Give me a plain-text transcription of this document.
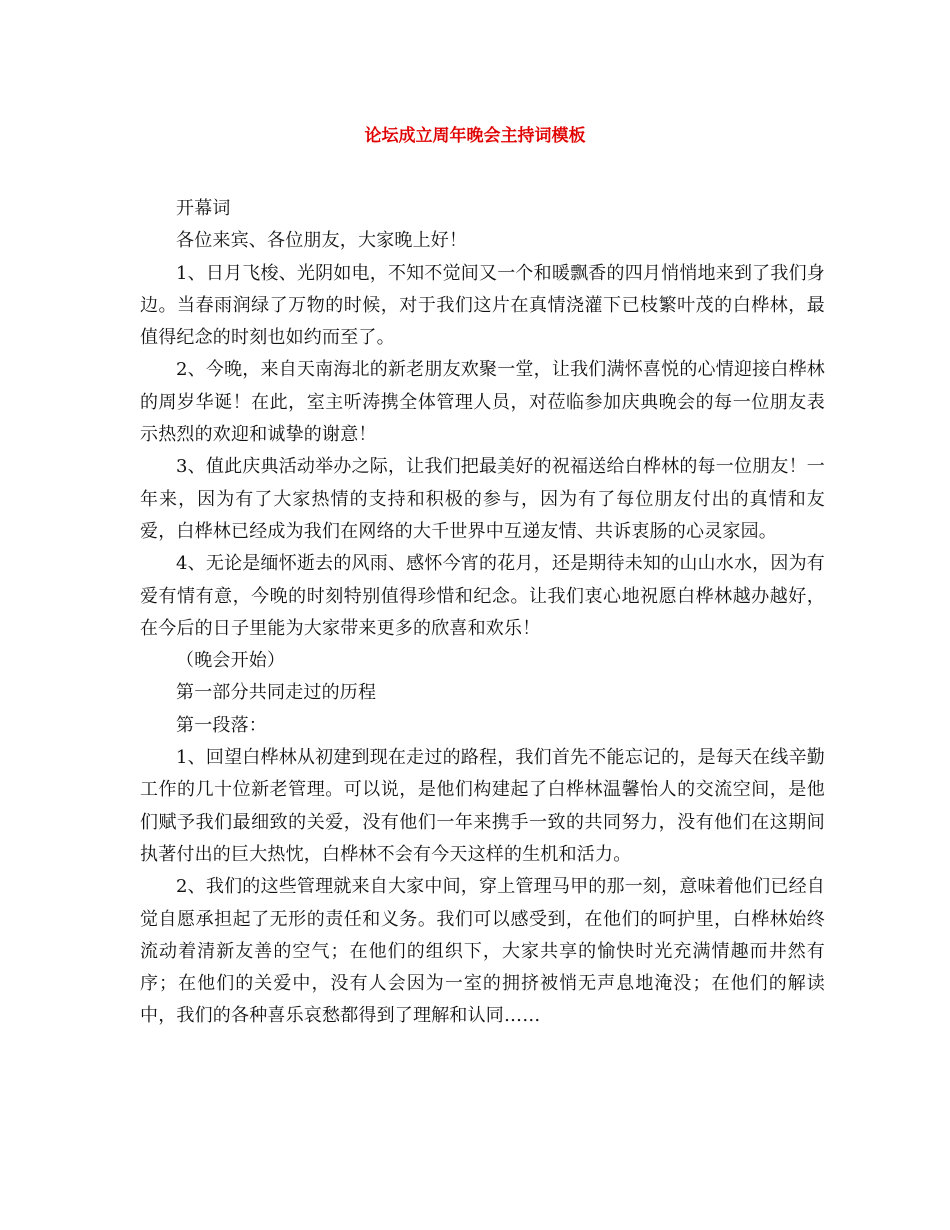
论坛成立周年晚会主持词模板

开幕词

各位来宾、各位朋友，大家晚上好！

1、日月飞梭、光阴如电，不知不觉间又一个和暖飘香的四月悄悄地来到了我们身边。当春雨润绿了万物的时候，对于我们这片在真情浇灌下已枝繁叶茂的白桦林，最值得纪念的时刻也如约而至了。

2、今晚，来自天南海北的新老朋友欢聚一堂，让我们满怀喜悦的心情迎接白桦林的周岁华诞！在此，室主听涛携全体管理人员，对莅临参加庆典晚会的每一位朋友表示热烈的欢迎和诚挚的谢意！

3、值此庆典活动举办之际，让我们把最美好的祝福送给白桦林的每一位朋友！一年来，因为有了大家热情的支持和积极的参与，因为有了每位朋友付出的真情和友爱，白桦林已经成为我们在网络的大千世界中互递友情、共诉衷肠的心灵家园。

4、无论是缅怀逝去的风雨、感怀今宵的花月，还是期待未知的山山水水，因为有爱有情有意，今晚的时刻特别值得珍惜和纪念。让我们衷心地祝愿白桦林越办越好，在今后的日子里能为大家带来更多的欣喜和欢乐！

（晚会开始）

第一部分共同走过的历程

第一段落：

1、回望白桦林从初建到现在走过的路程，我们首先不能忘记的，是每天在线辛勤工作的几十位新老管理。可以说，是他们构建起了白桦林温馨怡人的交流空间，是他们赋予我们最细致的关爱，没有他们一年来携手一致的共同努力，没有他们在这期间执著付出的巨大热忱，白桦林不会有今天这样的生机和活力。

2、我们的这些管理就来自大家中间，穿上管理马甲的那一刻，意味着他们已经自觉自愿承担起了无形的责任和义务。我们可以感受到，在他们的呵护里，白桦林始终流动着清新友善的空气；在他们的组织下，大家共享的愉快时光充满情趣而井然有序；在他们的关爱中，没有人会因为一室的拥挤被悄无声息地淹没；在他们的解读中，我们的各种喜乐哀愁都得到了理解和认同……
